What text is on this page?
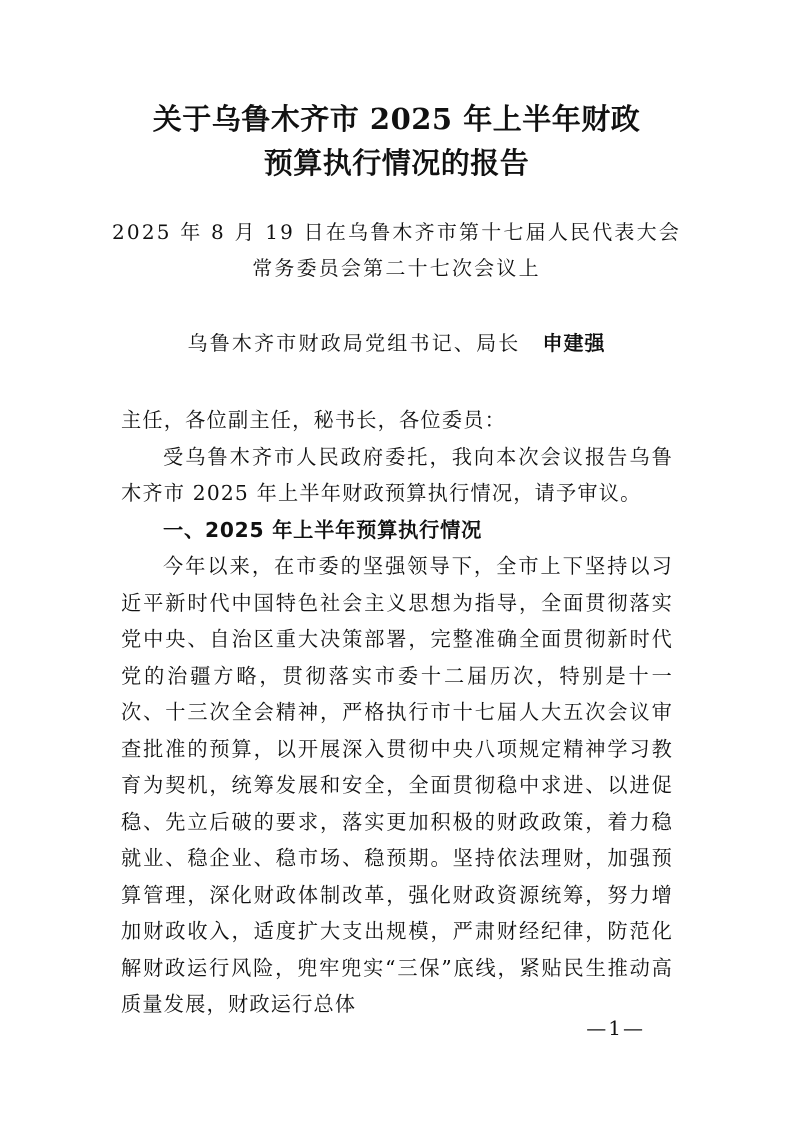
关于乌鲁木齐市 2025 年上半年财政
预算执行情况的报告
2025 年 8 月 19 日在乌鲁木齐市第十七届人民代表大会
常务委员会第二十七次会议上
乌鲁木齐市财政局党组书记、局长 申建强

主任，各位副主任，秘书长，各位委员：

受乌鲁木齐市人民政府委托，我向本次会议报告乌鲁木齐市 2025 年上半年财政预算执行情况，请予审议。

一、2025 年上半年预算执行情况

今年以来，在市委的坚强领导下，全市上下坚持以习近平新时代中国特色社会主义思想为指导，全面贯彻落实党中央、自治区重大决策部署，完整准确全面贯彻新时代党的治疆方略，贯彻落实市委十二届历次，特别是十一次、十三次全会精神，严格执行市十七届人大五次会议审查批准的预算，以开展深入贯彻中央八项规定精神学习教育为契机，统筹发展和安全，全面贯彻稳中求进、以进促稳、先立后破的要求，落实更加积极的财政政策，着力稳就业、稳企业、稳市场、稳预期。坚持依法理财，加强预算管理，深化财政体制改革，强化财政资源统筹，努力增加财政收入，适度扩大支出规模，严肃财经纪律，防范化解财政运行风险，兜牢兜实“三保”底线，紧贴民生推动高质量发展，财政运行总体

—1—
